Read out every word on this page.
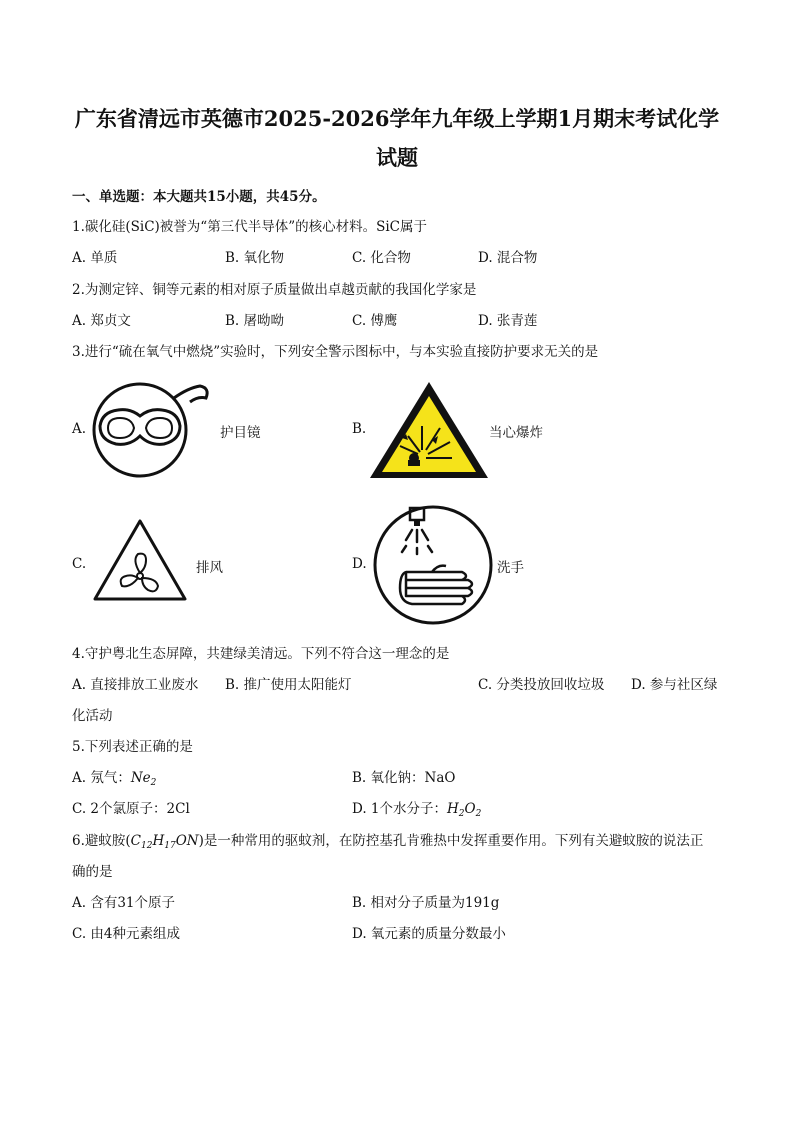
广东省清远市英德市2025-2026学年九年级上学期1月期末考试化学
试题
一、单选题：本大题共15小题，共45分。
1.碳化硅(SiC)被誉为“第三代半导体”的核心材料。SiC属于
A. 单质	B. 氧化物	C. 化合物	D. 混合物
2.为测定锌、铜等元素的相对原子质量做出卓越贡献的我国化学家是
A. 郑贞文	B. 屠呦呦	C. 傅鹰	D. 张青莲
3.进行“硫在氧气中燃烧”实验时，下列安全警示图标中，与本实验直接防护要求无关的是
A.	护目镜	B.	当心爆炸
C.	排风	D.	洗手
4.守护粤北生态屏障，共建绿美清远。下列不符合这一理念的是
A. 直接排放工业废水 B. 推广使用太阳能灯	C. 分类投放回收垃圾 D. 参与社区绿
化活动
5.下列表述正确的是
A. 氖气：$Ne_2$	B. 氧化钠：NaO
C. 2个氯原子：2Cl	D. 1个水分子：$H_2O_2$
6.避蚊胺$(C_{12}H_{17}ON)$是一种常用的驱蚊剂，在防控基孔肯雅热中发挥重要作用。下列有关避蚊胺的说法正
确的是
A. 含有31个原子	B. 相对分子质量为191g
C. 由4种元素组成	D. 氧元素的质量分数最小
